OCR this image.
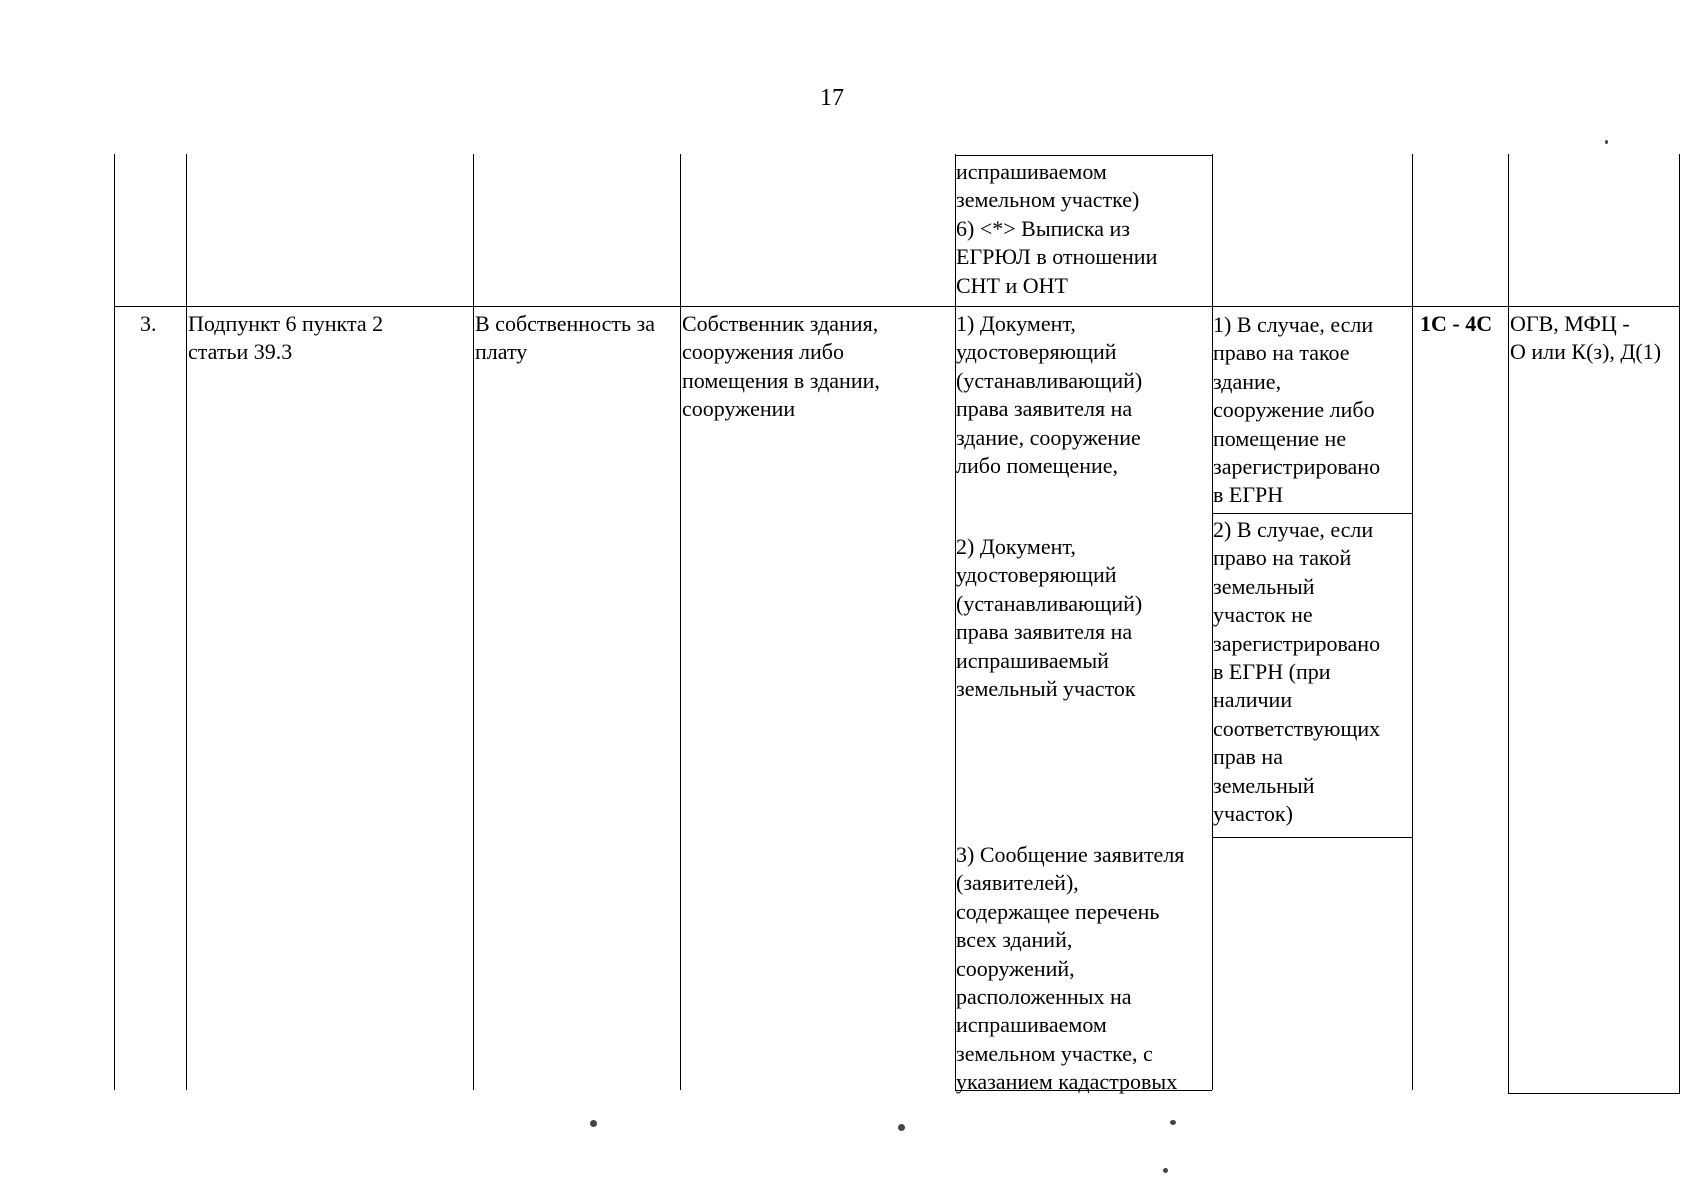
17
испрашиваемом
земельном участке)
6) <*> Выписка из
ЕГРЮЛ в отношении
СНТ и ОНТ
3. Подпункт 6 пункта 2
статьи 39.3
В собственность за
плату
Собственник здания,
сооружения либо
помещения в здании,
сооружении
1) Документ,
удостоверяющий
(устанавливающий)
права заявителя на
здание, сооружение
либо помещение,
2) Документ,
удостоверяющий
(устанавливающий)
права заявителя на
испрашиваемый
земельный участок
3) Сообщение заявителя
(заявителей),
содержащее перечень
всех зданий,
сооружений,
расположенных на
испрашиваемом
земельном участке, с
указанием кадастровых
1) В случае, если
право на такое
здание,
сооружение либо
помещение не
зарегистрировано
в ЕГРН
2) В случае, если
право на такой
земельный
участок не
зарегистрировано
в ЕГРН (при
наличии
соответствующих
прав на
земельный
участок)
1С - 4С ОГВ, МФЦ -
О или К(з), Д(1)
